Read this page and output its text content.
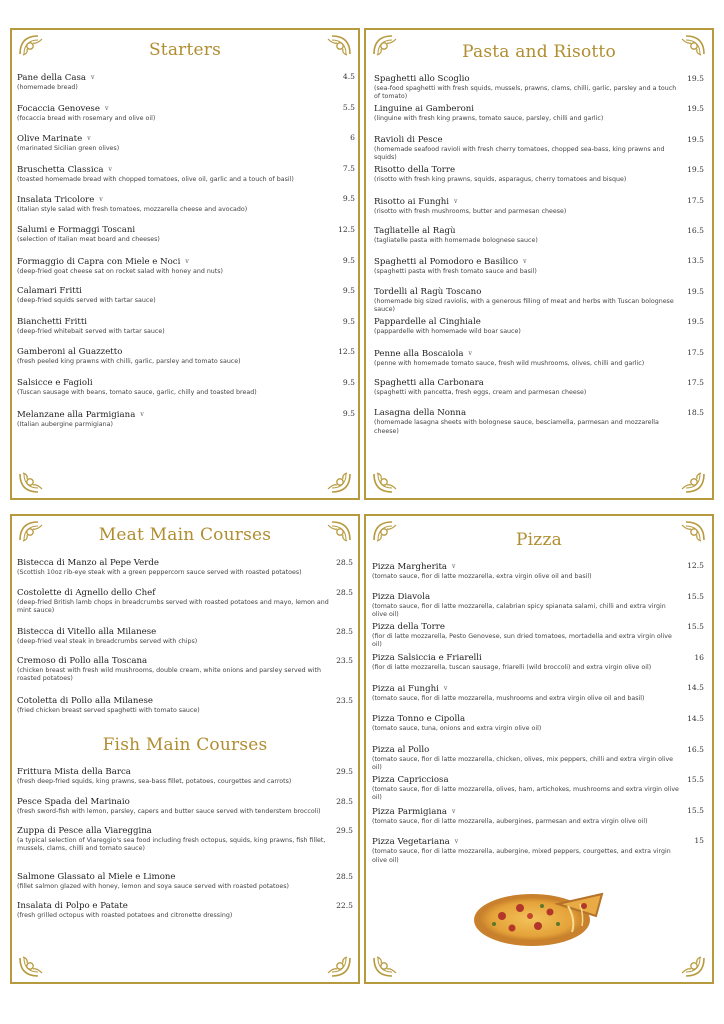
Starters	Pasta and Risotto
Meat Main Courses
Fish Main Courses
Pizza
Pane della Casa v	4.5
(homemade bread)
Focaccia Genovese v	5.5
(focaccia bread with rosemary and olive oil)
Olive Marinate v	6
(marinated Sicilian green olives)
Bruschetta Classica v	7.5
(toasted homemade bread with chopped tomatoes, olive oil, garlic and a touch of basil)
Insalata Tricolore v	9.5
(Italian style salad with fresh tomatoes, mozzarella cheese and avocado)
Salumi e Formaggi Toscani	12.5
(selection of Italian meat board and cheeses)
Formaggio di Capra con Miele e Noci v	9.5
(deep-fried goat cheese sat on rocket salad with honey and nuts)
Calamari Fritti	9.5
(deep-fried squids served with tartar sauce)
Bianchetti Fritti	9.5
(deep-fried whitebait served with tartar sauce)
Gamberoni al Guazzetto	12.5
(fresh peeled king prawns with chilli, garlic, parsley and tomato sauce)
Salsicce e Fagioli	9.5
(Tuscan sausage with beans, tomato sauce, garlic, chilly and toasted bread)
Melanzane alla Parmigiana v	9.5
(Italian aubergine parmigiana)
Spaghetti allo Scoglio	19.5
(sea-food spaghetti with fresh squids, mussels, prawns, clams, chilli, garlic, parsley and a touch of tomato)
Linguine ai Gamberoni	19.5
(linguine with fresh king prawns, tomato sauce, parsley, chilli and garlic)
Ravioli di Pesce	19.5
(homemade seafood ravioli with fresh cherry tomatoes, chopped sea-bass, king prawns and squids)
Risotto della Torre	19.5
(risotto with fresh king prawns, squids, asparagus, cherry tomatoes and bisque)
Risotto ai Funghi v	17.5
(risotto with fresh mushrooms, butter and parmesan cheese)
Tagliatelle al Ragù	16.5
(tagliatelle pasta with homemade bolognese sauce)
Spaghetti al Pomodoro e Basilico v	13.5
(spaghetti pasta with fresh tomato sauce and basil)
Tordelli al Ragù Toscano	19.5
(homemade big sized raviolis, with a generous filling of meat and herbs with Tuscan bolognese sauce)
Pappardelle al Cinghiale	19.5
(pappardelle with homemade wild boar sauce)
Penne alla Boscaiola v	17.5
(penne with homemade tomato sauce, fresh wild mushrooms, olives, chilli and garlic)
Spaghetti alla Carbonara	17.5
(spaghetti with pancetta, fresh eggs, cream and parmesan cheese)
Lasagna della Nonna	18.5
(homemade lasagna sheets with bolognese sauce, besciamella, parmesan and mozzarella cheese)
Bistecca di Manzo al Pepe Verde	28.5
(Scottish 10oz rib-eye steak with a green peppercorn sauce served with roasted potatoes)
Costolette di Agnello dello Chef	28.5
(deep-fried British lamb chops in breadcrumbs served with roasted potatoes and mayo, lemon and mint sauce)
Bistecca di Vitello alla Milanese	28.5
(deep-fried veal steak in breadcrumbs served with chips)
Cremoso di Pollo alla Toscana	23.5
(chicken breast with fresh wild mushrooms, double cream, white onions and parsley served with roasted potatoes)
Cotoletta di Pollo alla Milanese	23.5
(fried chicken breast served spaghetti with tomato sauce)
Frittura Mista della Barca	29.5
(fresh deep-fried squids, king prawns, sea-bass fillet, potatoes, courgettes and carrots)
Pesce Spada del Marinaio	28.5
(fresh sword-fish with lemon, parsley, capers and butter sauce served with tenderstem broccoli)
Zuppa di Pesce alla Viareggina	29.5
(a typical selection of Viareggio's sea food including fresh octopus, squids, king prawns, fish fillet, mussels, clams, chilli and tomato sauce)
Salmone Glassato al Miele e Limone	28.5
(fillet salmon glazed with honey, lemon and soya sauce served with roasted potatoes)
Insalata di Polpo e Patate	22.5
(fresh grilled octopus with roasted potatoes and citronette dressing)
Pizza Margherita v	12.5
(tomato sauce, fior di latte mozzarella, extra virgin olive oil and basil)
Pizza Diavola	15.5
(tomato sauce, fior di latte mozzarella, calabrian spicy spianata salami, chilli and extra virgin olive oil)
Pizza della Torre	15.5
(fior di latte mozzarella, Pesto Genovese, sun dried tomatoes, mortadella and extra virgin olive oil)
Pizza Salsiccia e Friarelli	16
(fior di latte mozzarella, tuscan sausage, friarelli (wild broccoli) and extra virgin olive oil)
Pizza ai Funghi v	14.5
(tomato sauce, fior di latte mozzarella, mushrooms and extra virgin olive oil and basil)
Pizza Tonno e Cipolla	14.5
(tomato sauce, tuna, onions and extra virgin olive oil)
Pizza al Pollo	16.5
(tomato sauce, fior di latte mozzarella, chicken, olives, mix peppers, chilli and extra virgin olive oil)
Pizza Capricciosa	15.5
(tomato sauce, fior di latte mozzarella, olives, ham, artichokes, mushrooms and extra virgin olive oil)
Pizza Parmigiana v	15.5
(tomato sauce, fior di latte mozzarella, aubergines, parmesan and extra virgin olive oil)
Pizza Vegetariana v	15
(tomato sauce, fior di latte mozzarella, aubergine, mixed peppers, courgettes, and extra virgin olive oil)
